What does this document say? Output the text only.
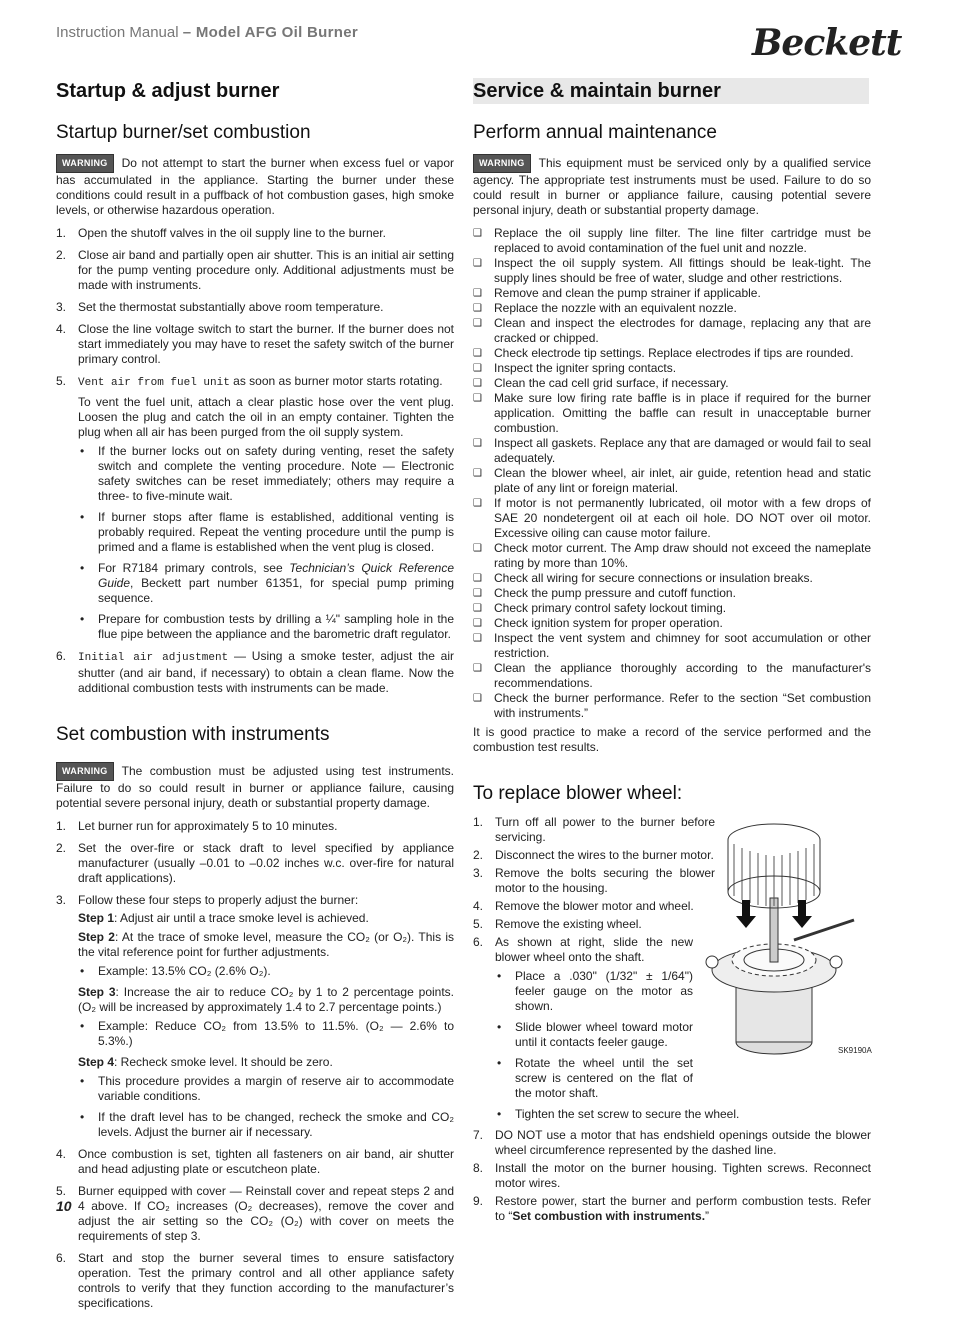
Instruction Manual – Model AFG Oil Burner	Beckett
Startup & adjust burner
Startup burner/set combustion

WARNING Do not attempt to start the burner when excess fuel or vapor has accumulated in the appliance. Starting the burner under these conditions could result in a puffback of hot combustion gases, high smoke levels, or otherwise hazardous operation.

1. Open the shutoff valves in the oil supply line to the burner.
2. Close air band and partially open air shutter. This is an initial air setting for the pump venting procedure only. Additional adjustments must be made with instruments.
3. Set the thermostat substantially above room temperature.
4. Close the line voltage switch to start the burner. If the burner does not start immediately you may have to reset the safety switch of the burner primary control.
5. Vent air from fuel unit as soon as burner motor starts rotating.
To vent the fuel unit, attach a clear plastic hose over the vent plug. Loosen the plug and catch the oil in an empty container. Tighten the plug when all air has been purged from the oil supply system.
• If the burner locks out on safety during venting, reset the safety switch and complete the venting procedure. Note — Electronic safety switches can be reset immediately; others may require a three- to five-minute wait.
• If burner stops after flame is established, additional venting is probably required. Repeat the venting procedure until the pump is primed and a flame is established when the vent plug is closed.
• For R7184 primary controls, see Technician’s Quick Reference Guide, Beckett part number 61351, for special pump priming sequence.
• Prepare for combustion tests by drilling a ¼" sampling hole in the flue pipe between the appliance and the barometric draft regulator.
6. Initial air adjustment — Using a smoke tester, adjust the air shutter (and air band, if necessary) to obtain a clean flame. Now the additional combustion tests with instruments can be made.
Set combustion with instruments

WARNING The combustion must be adjusted using test instruments. Failure to do so could result in burner or appliance failure, causing potential severe personal injury, death or substantial property damage.

1. Let burner run for approximately 5 to 10 minutes.
2. Set the over-fire or stack draft to level specified by appliance manufacturer (usually –0.01 to –0.02 inches w.c. over-fire for natural draft applications).
3. Follow these four steps to properly adjust the burner:
Step 1: Adjust air until a trace smoke level is achieved.
Step 2: At the trace of smoke level, measure the CO₂ (or O₂). This is the vital reference point for further adjustments.
• Example: 13.5% CO₂ (2.6% O₂).
Step 3: Increase the air to reduce CO₂ by 1 to 2 percentage points. (O₂ will be increased by approximately 1.4 to 2.7 percentage points.)
• Example: Reduce CO₂ from 13.5% to 11.5%. (O₂ — 2.6% to 5.3%.)
Step 4: Recheck smoke level. It should be zero.
• This procedure provides a margin of reserve air to accommodate variable conditions.
• If the draft level has to be changed, recheck the smoke and CO₂ levels. Adjust the burner air if necessary.
4. Once combustion is set, tighten all fasteners on air band, air shutter and head adjusting plate or escutcheon plate.
5. Burner equipped with cover — Reinstall cover and repeat steps 2 and 4 above. If CO₂ increases (O₂ decreases), remove the cover and adjust the air setting so the CO₂ (O₂) with cover on meets the requirements of step 3.
6. Start and stop the burner several times to ensure satisfactory operation. Test the primary control and all other appliance safety controls to verify that they function according to the manufacturer’s specifications.
Service & maintain burner
Perform annual maintenance

WARNING This equipment must be serviced only by a qualified service agency. The appropriate test instruments must be used. Failure to do so could result in burner or appliance failure, causing potential severe personal injury, death or substantial property damage.

❑ Replace the oil supply line filter. The line filter cartridge must be replaced to avoid contamination of the fuel unit and nozzle.
❑ Inspect the oil supply system. All fittings should be leak-tight. The supply lines should be free of water, sludge and other restrictions.
❑ Remove and clean the pump strainer if applicable.
❑ Replace the nozzle with an equivalent nozzle.
❑ Clean and inspect the electrodes for damage, replacing any that are cracked or chipped.
❑ Check electrode tip settings. Replace electrodes if tips are rounded.
❑ Inspect the igniter spring contacts.
❑ Clean the cad cell grid surface, if necessary.
❑ Make sure low firing rate baffle is in place if required for the burner application. Omitting the baffle can result in unacceptable burner combustion.
❑ Inspect all gaskets. Replace any that are damaged or would fail to seal adequately.
❑ Clean the blower wheel, air inlet, air guide, retention head and static plate of any lint or foreign material.
❑ If motor is not permanently lubricated, oil motor with a few drops of SAE 20 nondetergent oil at each oil hole. DO NOT over oil motor. Excessive oiling can cause motor failure.
❑ Check motor current. The Amp draw should not exceed the nameplate rating by more than 10%.
❑ Check all wiring for secure connections or insulation breaks.
❑ Check the pump pressure and cutoff function.
❑ Check primary control safety lockout timing.
❑ Check ignition system for proper operation.
❑ Inspect the vent system and chimney for soot accumulation or other restriction.
❑ Clean the appliance thoroughly according to the manufacturer's recommendations.
❑ Check the burner performance. Refer to the section “Set combustion with instruments.”

It is good practice to make a record of the service performed and the combustion test results.

To replace blower wheel:
1. Turn off all power to the burner before servicing.
2. Disconnect the wires to the burner motor.
3. Remove the bolts securing the blower motor to the housing.
4. Remove the blower motor and wheel.
5. Remove the existing wheel.
6. As shown at right, slide the new blower wheel onto the shaft.
• Place a .030" (1/32" ± 1/64") feeler gauge on the motor as shown.
• Slide blower wheel toward motor until it contacts feeler gauge.
• Rotate the wheel until the set screw is centered on the flat of the motor shaft.
• Tighten the set screw to secure the wheel.
7. DO NOT use a motor that has endshield openings outside the blower wheel circumference represented by the dashed line.
8. Install the motor on the burner housing. Tighten screws. Reconnect motor wires.
9. Restore power, start the burner and perform combustion tests. Refer to “Set combustion with instruments.”
SK9190A
10
